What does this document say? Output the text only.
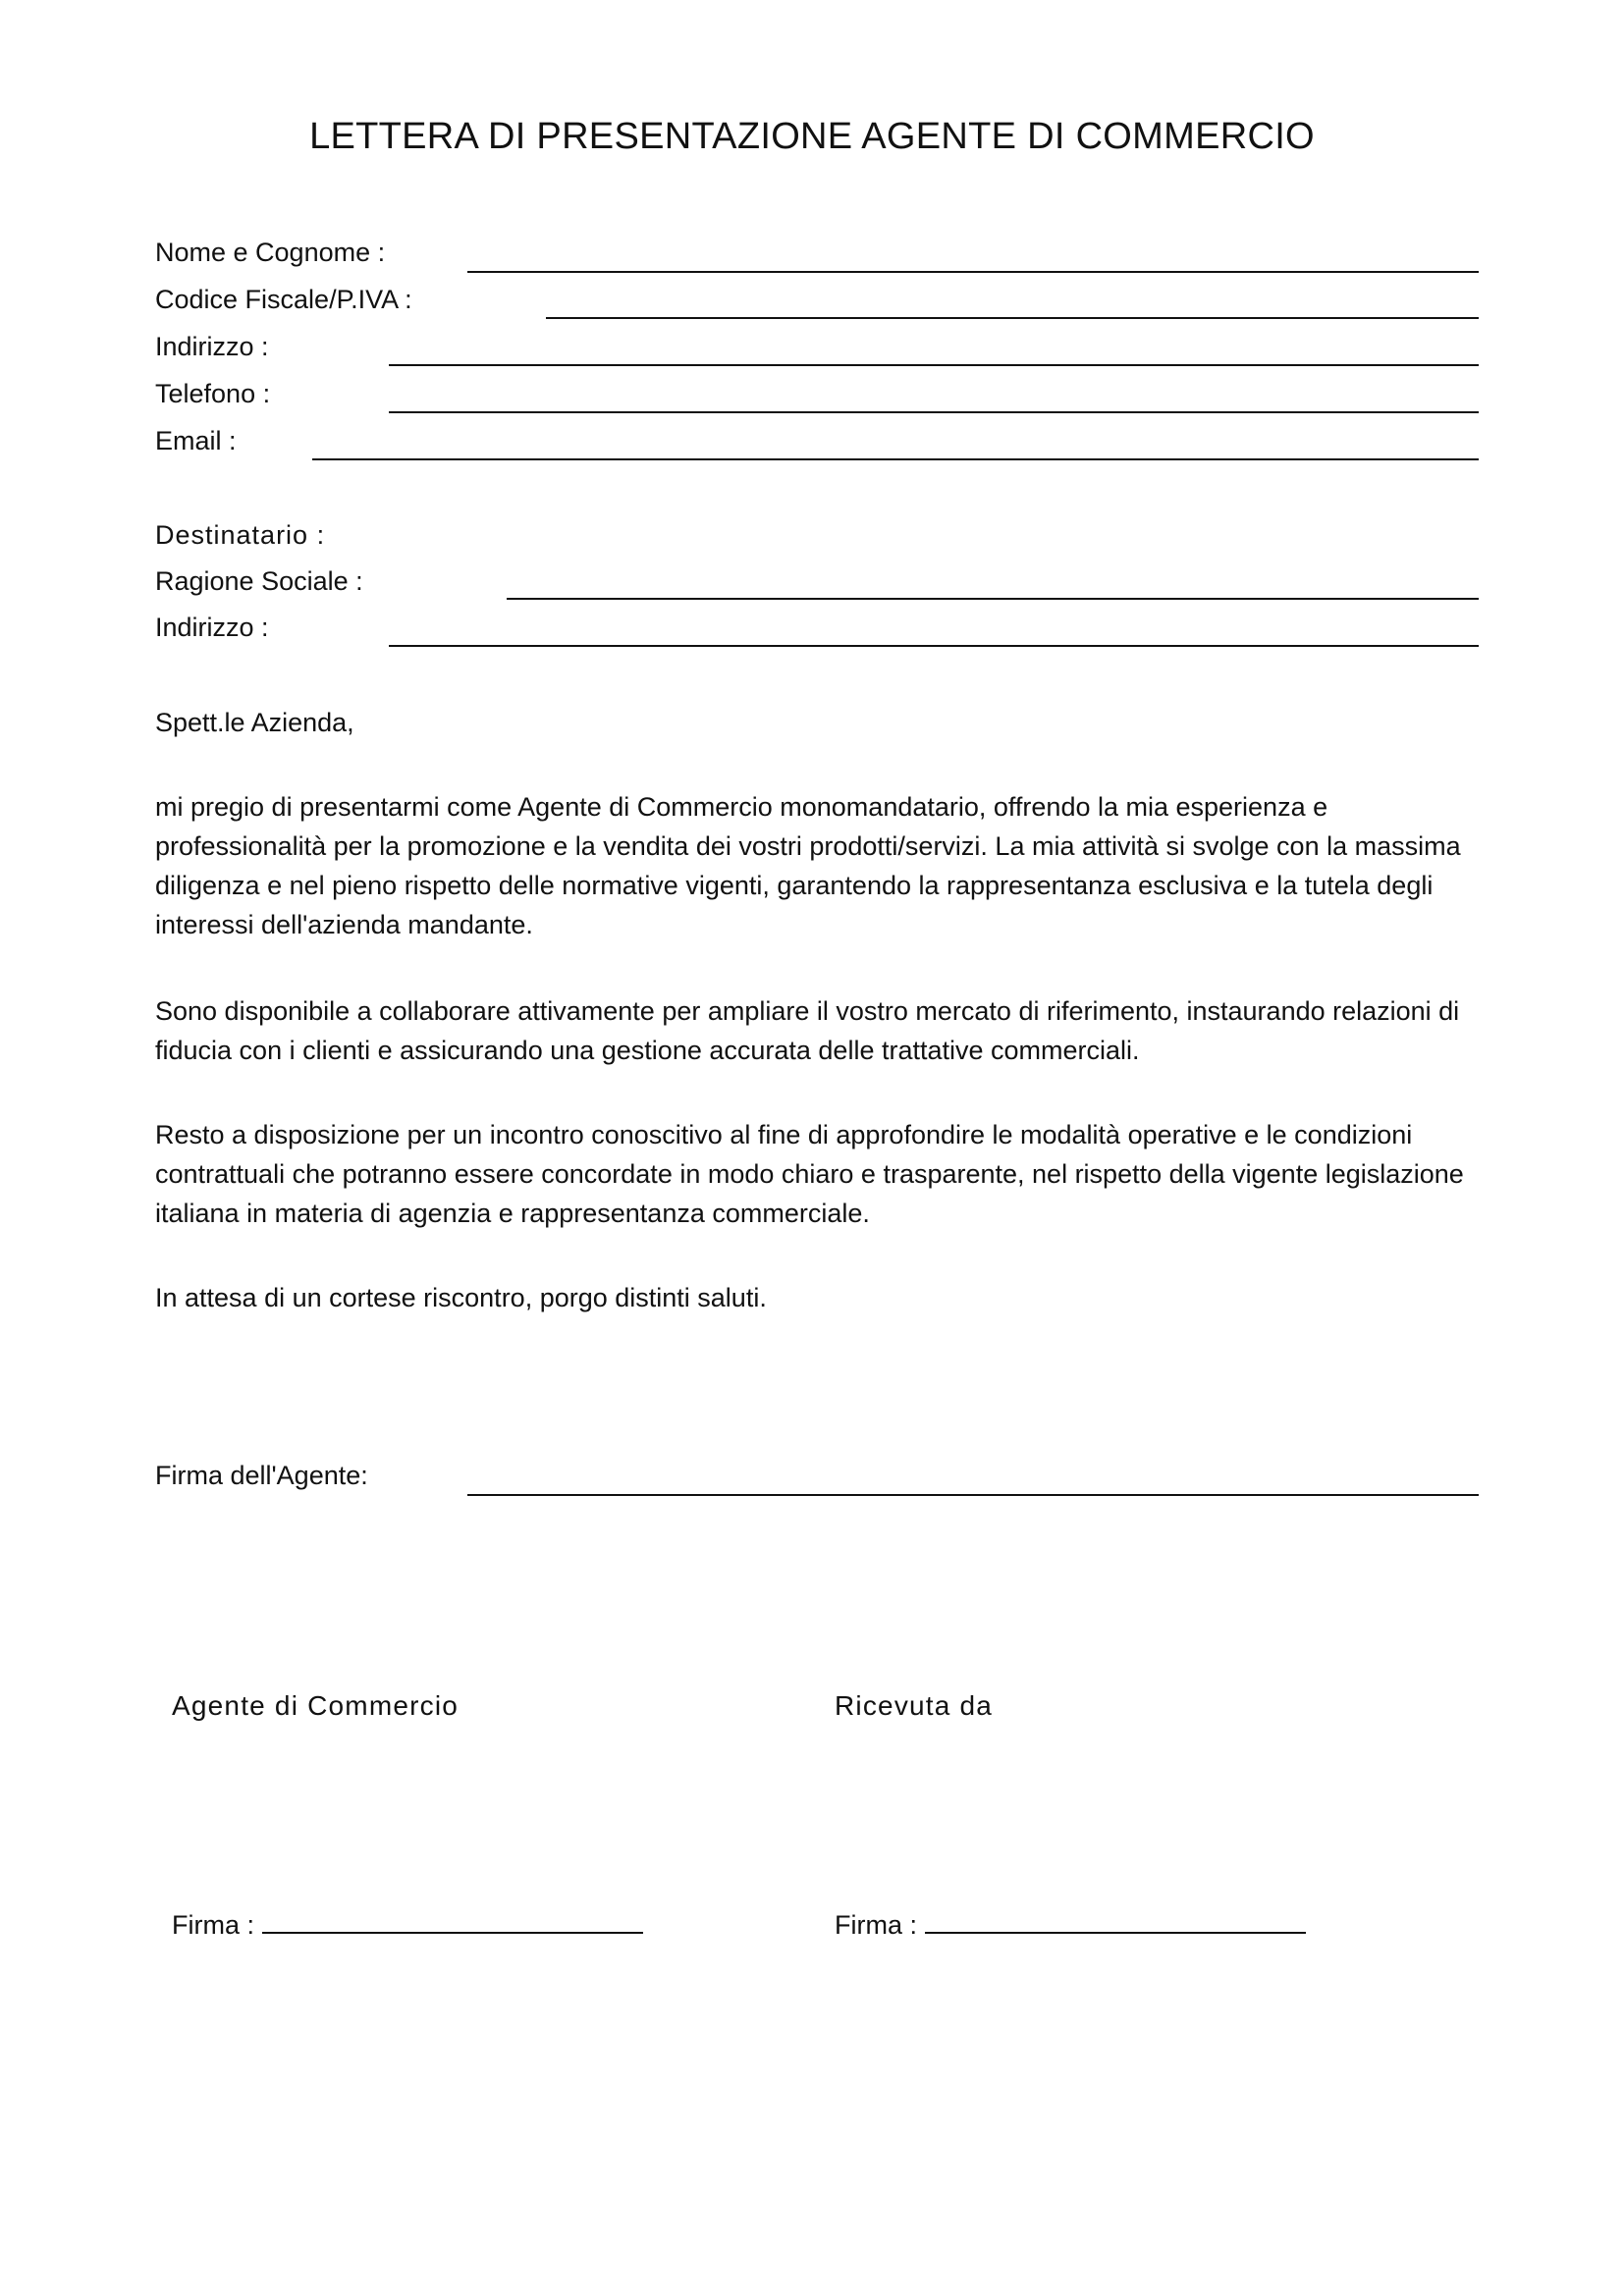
LETTERA DI PRESENTAZIONE AGENTE DI COMMERCIO
Nome e Cognome :
Codice Fiscale/P.IVA :
Indirizzo :
Telefono :
Email :
Destinatario :
Ragione Sociale :
Indirizzo :

Spett.le Azienda,

mi pregio di presentarmi come Agente di Commercio monomandatario, offrendo la mia esperienza e professionalità per la promozione e la vendita dei vostri prodotti/servizi. La mia attività si svolge con la massima diligenza e nel pieno rispetto delle normative vigenti, garantendo la rappresentanza esclusiva e la tutela degli interessi dell'azienda mandante.

Sono disponibile a collaborare attivamente per ampliare il vostro mercato di riferimento, instaurando relazioni di fiducia con i clienti e assicurando una gestione accurata delle trattative commerciali.

Resto a disposizione per un incontro conoscitivo al fine di approfondire le modalità operative e le condizioni contrattuali che potranno essere concordate in modo chiaro e trasparente, nel rispetto della vigente legislazione italiana in materia di agenzia e rappresentanza commerciale.

In attesa di un cortese riscontro, porgo distinti saluti.

Firma dell'Agente:
Agente di Commercio	Ricevuta da
Firma :	Firma :
